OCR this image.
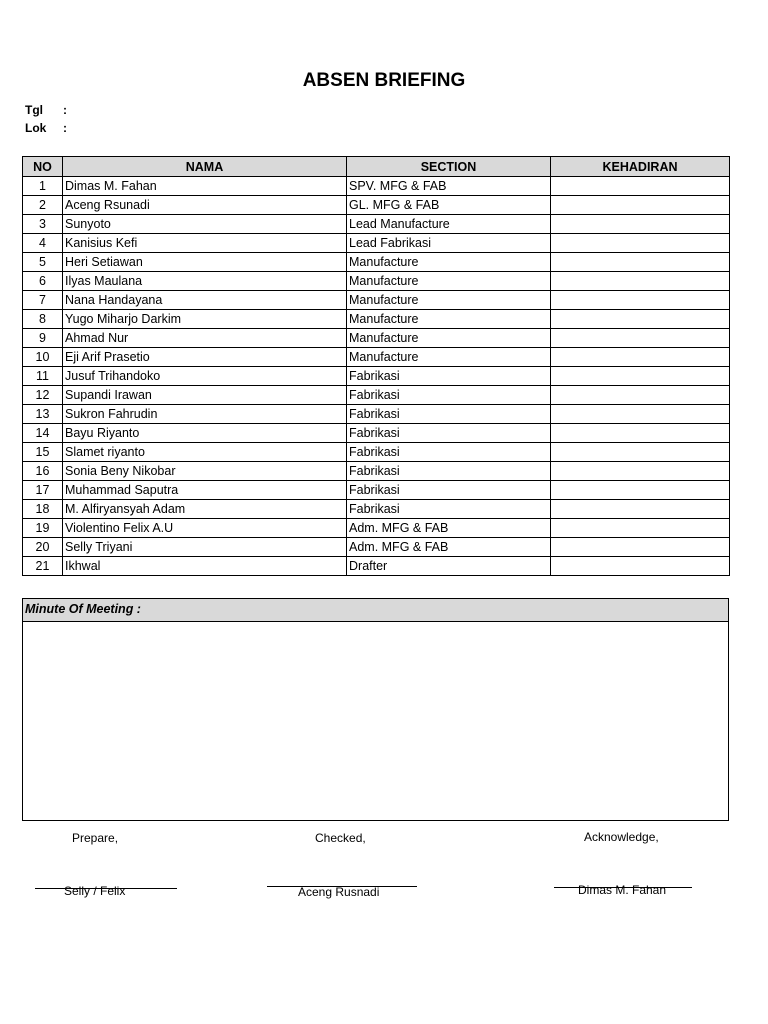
ABSEN BRIEFING
Tgl :
Lok :
NO	NAMA	SECTION	KEHADIRAN
1	Dimas M. Fahan	SPV. MFG & FAB	
2	Aceng Rsunadi	GL. MFG & FAB	
3	Sunyoto	Lead Manufacture	
4	Kanisius Kefi	Lead Fabrikasi	
5	Heri Setiawan	Manufacture	
6	Ilyas Maulana	Manufacture	
7	Nana Handayana	Manufacture	
8	Yugo Miharjo Darkim	Manufacture	
9	Ahmad Nur	Manufacture	
10	Eji Arif Prasetio	Manufacture	
11	Jusuf Trihandoko	Fabrikasi	
12	Supandi Irawan	Fabrikasi	
13	Sukron Fahrudin	Fabrikasi	
14	Bayu Riyanto	Fabrikasi	
15	Slamet riyanto	Fabrikasi	
16	Sonia Beny Nikobar	Fabrikasi	
17	Muhammad Saputra	Fabrikasi	
18	M. Alfiryansyah Adam	Fabrikasi	
19	Violentino Felix A.U	Adm. MFG & FAB	
20	Selly Triyani	Adm. MFG & FAB	
21	Ikhwal	Drafter	
Minute Of Meeting :
Prepare,	Checked,	Acknowledge,
Selly / Felix	Aceng Rusnadi	Dimas M. Fahan
